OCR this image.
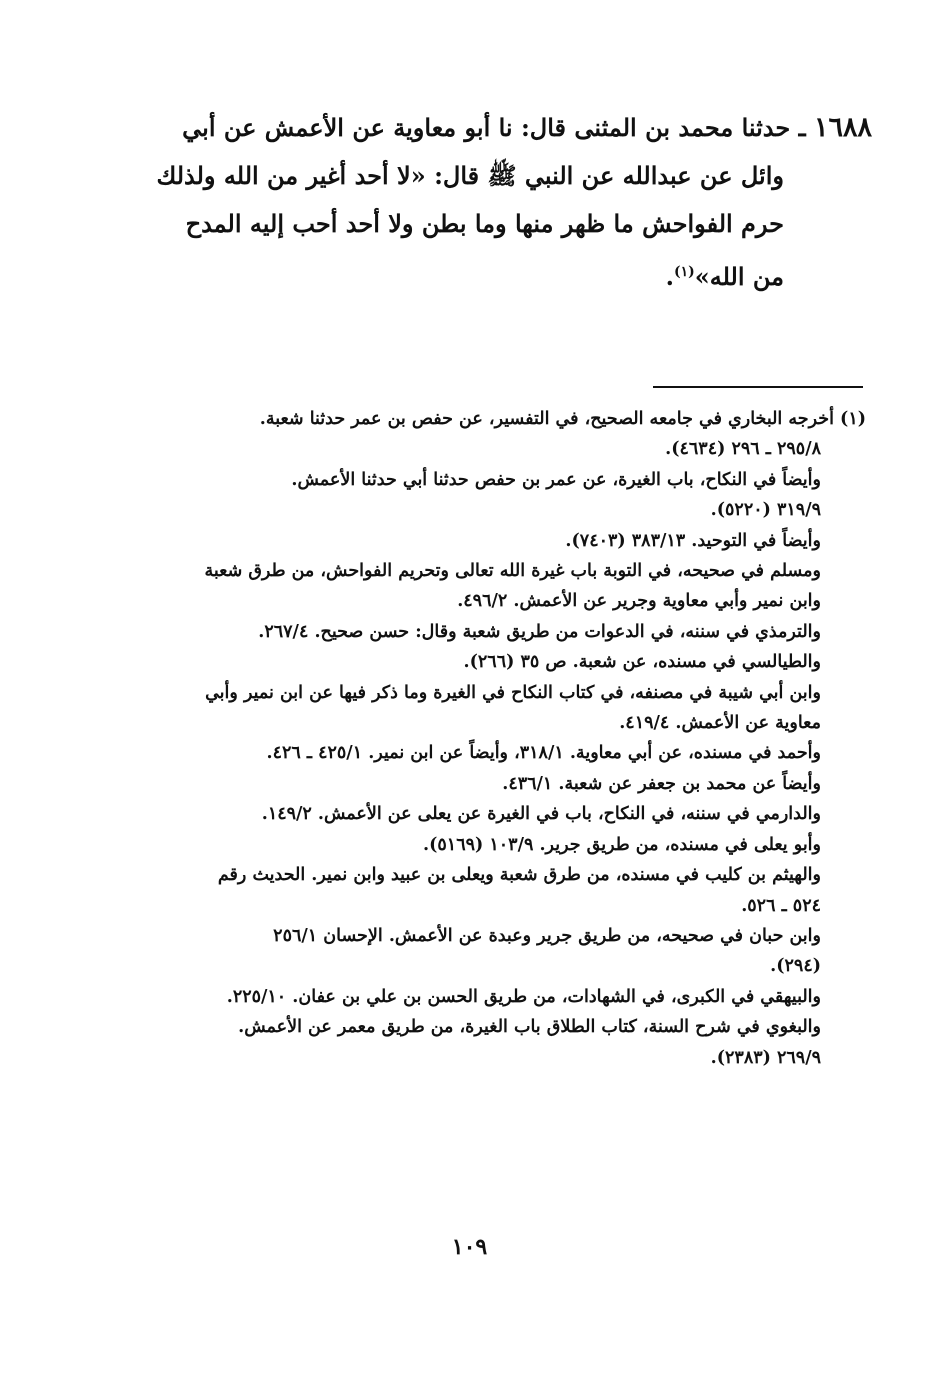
١٦٨٨ ـ حدثنا محمد بن المثنى قال: نا أبو معاوية عن الأعمش عن أبي
وائل عن عبدالله عن النبي ﷺ قال: «لا أحد أغير من الله ولذلك
حرم الفواحش ما ظهر منها وما بطن ولا أحد أحب إليه المدح
من الله»$^{(١)}$.
(١) أخرجه البخاري في جامعه الصحيح، في التفسير، عن حفص بن عمر حدثنا شعبة.
٢٩٥/٨ ـ ٢٩٦ (٤٦٣٤).
وأيضاً في النكاح، باب الغيرة، عن عمر بن حفص حدثنا أبي حدثنا الأعمش.
٣١٩/٩ (٥٢٢٠).
وأيضاً في التوحيد. ٣٨٣/١٣ (٧٤٠٣).
ومسلم في صحيحه، في التوبة باب غيرة الله تعالى وتحريم الفواحش، من طرق شعبة
وابن نمير وأبي معاوية وجرير عن الأعمش. ٤٩٦/٢.
والترمذي في سننه، في الدعوات من طريق شعبة وقال: حسن صحيح. ٢٦٧/٤.
والطيالسي في مسنده، عن شعبة. ص ٣٥ (٢٦٦).
وابن أبي شيبة في مصنفه، في كتاب النكاح في الغيرة وما ذكر فيها عن ابن نمير وأبي
معاوية عن الأعمش. ٤١٩/٤.
وأحمد في مسنده، عن أبي معاوية. ٣١٨/١، وأيضاً عن ابن نمير. ٤٢٥/١ ـ ٤٢٦.
وأيضاً عن محمد بن جعفر عن شعبة. ٤٣٦/١.
والدارمي في سننه، في النكاح، باب في الغيرة عن يعلى عن الأعمش. ١٤٩/٢.
وأبو يعلى في مسنده، من طريق جرير. ١٠٣/٩ (٥١٦٩).
والهيثم بن كليب في مسنده، من طرق شعبة ويعلى بن عبيد وابن نمير. الحديث رقم
٥٢٤ ـ ٥٢٦.
وابن حبان في صحيحه، من طريق جرير وعبدة عن الأعمش. الإحسان ٢٥٦/١
(٢٩٤).
والبيهقي في الكبرى، في الشهادات، من طريق الحسن بن علي بن عفان. ٢٢٥/١٠.
والبغوي في شرح السنة، كتاب الطلاق باب الغيرة، من طريق معمر عن الأعمش.
٢٦٩/٩ (٢٣٨٣).
١٠٩
